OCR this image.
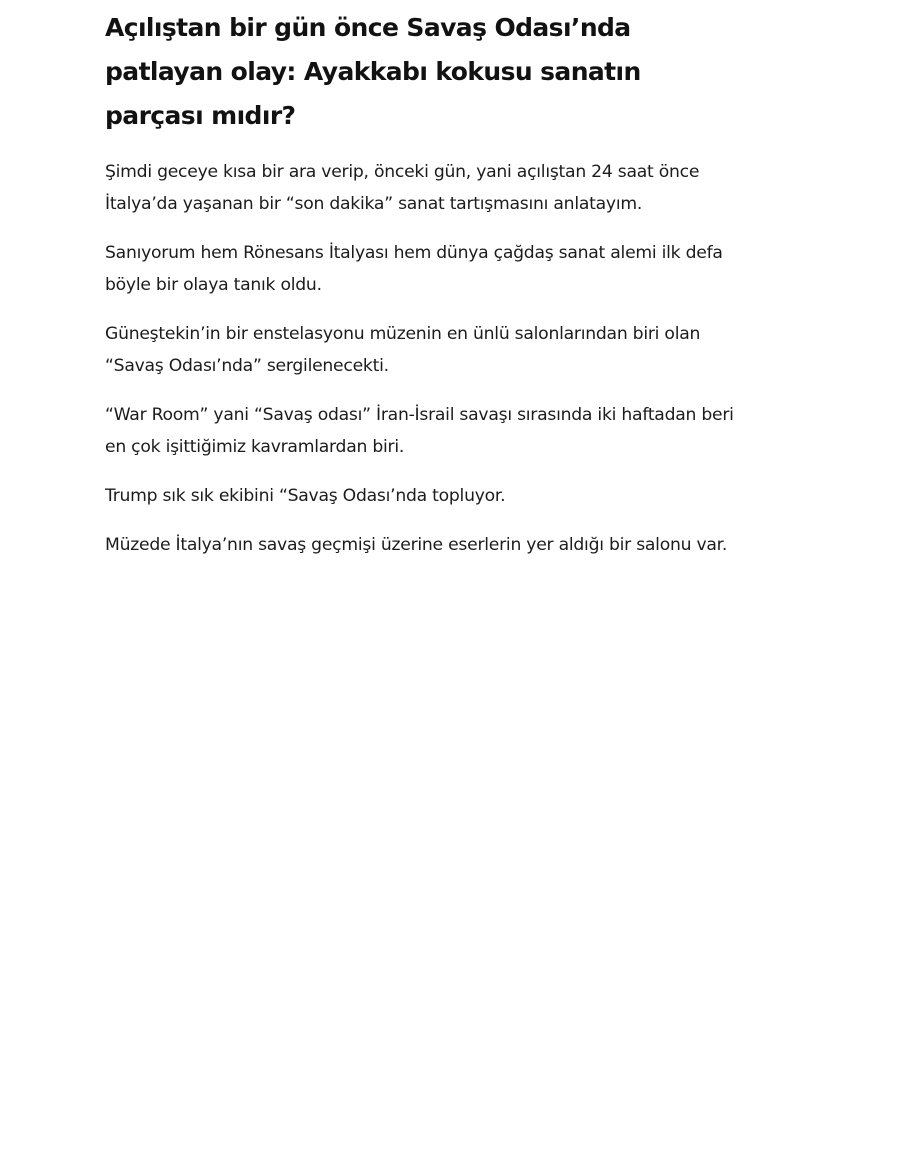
Açılıştan bir gün önce Savaş Odası’nda patlayan olay: Ayakkabı kokusu sanatın parçası mıdır?

Şimdi geceye kısa bir ara verip, önceki gün, yani açılıştan 24 saat önce İtalya’da yaşanan bir “son dakika” sanat tartışmasını anlatayım.

Sanıyorum hem Rönesans İtalyası hem dünya çağdaş sanat alemi ilk defa böyle bir olaya tanık oldu.

Güneştekin’in bir enstelasyonu müzenin en ünlü salonlarından biri olan “Savaş Odası’nda” sergilenecekti.

“War Room” yani “Savaş odası” İran-İsrail savaşı sırasında iki haftadan beri en çok işittiğimiz kavramlardan biri.

Trump sık sık ekibini “Savaş Odası’nda topluyor.

Müzede İtalya’nın savaş geçmişi üzerine eserlerin yer aldığı bir salonu var.
